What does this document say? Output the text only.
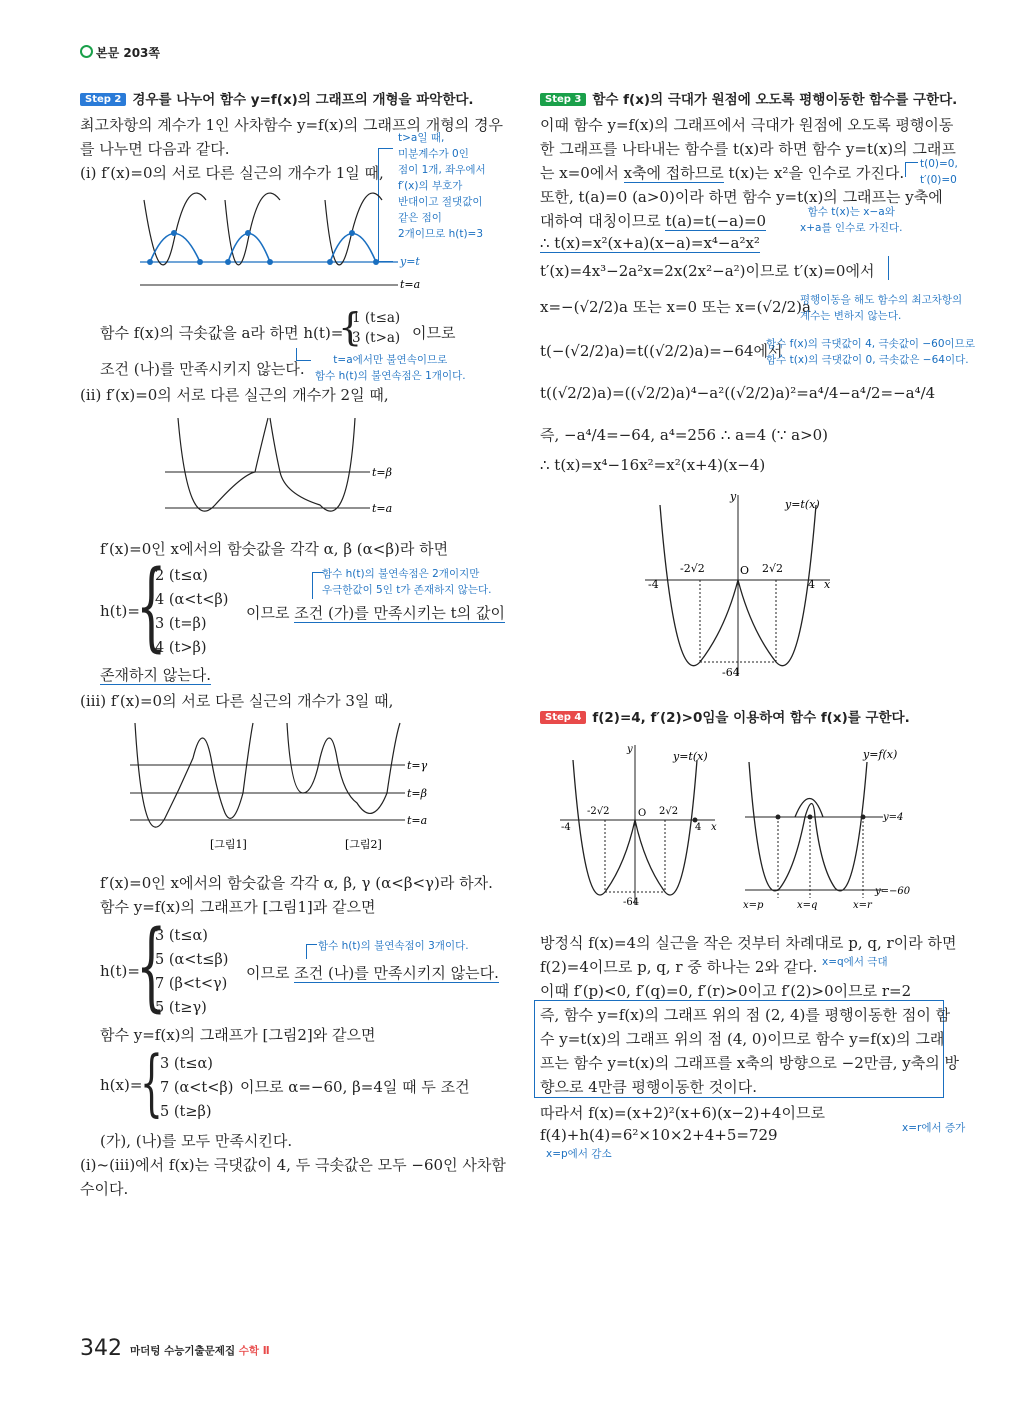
본문 203쪽
Step 2 경우를 나누어 함수 y=f(x)의 그래프의 개형을 파악한다.
최고차항의 계수가 1인 사차함수 y=f(x)의 그래프의 개형의 경우
를 나누면 다음과 같다.
(ⅰ) f′(x)=0의 서로 다른 실근의 개수가 1일 때,
t>a일 때,
미분계수가 0인
점이 1개, 좌우에서
f′(x)의 부호가
반대이고 절댓값이
같은 점이
2개이므로 h(t)=3
y=t
t=a
함수 f(x)의 극솟값을 a라 하면 h(t)=
{
1 (t≤a)
3 (t>a) 이므로
조건 (나)를 만족시키지 않는다.	t=a에서만 불연속이므로
함수 h(t)의 불연속점은 1개이다.
(ⅱ) f′(x)=0의 서로 다른 실근의 개수가 2일 때,
t=β
t=a
f′(x)=0인 x에서의 함숫값을 각각 α, β (α<β)라 하면
h(t)=
{
2 (t≤α)
4 (α<t<β)
3 (t=β)
4 (t>β)
이므로 조건 (가)를 만족시키는 t의 값이
존재하지 않는다.
함수 h(t)의 불연속점은 2개이지만
우극한값이 5인 t가 존재하지 않는다.
(ⅲ) f′(x)=0의 서로 다른 실근의 개수가 3일 때,
t=γ
t=β
t=a
[그림1]	[그림2]
f′(x)=0인 x에서의 함숫값을 각각 α, β, γ (α<β<γ)라 하자.
함수 y=f(x)의 그래프가 [그림1]과 같으면
h(t)=
{
3 (t≤α)
5 (α<t≤β)
7 (β<t<γ)
5 (t≥γ)
이므로 조건 (나)를 만족시키지 않는다.
함수 h(t)의 불연속점이 3개이다.
함수 y=f(x)의 그래프가 [그림2]와 같으면
h(x)=
{
3 (t≤α)
7 (α<t<β)
5 (t≥β)
이므로 α=−60, β=4일 때 두 조건
(가), (나)를 모두 만족시킨다.
(ⅰ)~(ⅲ)에서 f(x)는 극댓값이 4, 두 극솟값은 모두 −60인 사차함
수이다.
Step 3 함수 f(x)의 극대가 원점에 오도록 평행이동한 함수를 구한다.
이때 함수 y=f(x)의 그래프에서 극대가 원점에 오도록 평행이동
한 그래프를 나타내는 함수를 t(x)라 하면 함수 y=t(x)의 그래프
는 x=0에서 x축에 접하므로 t(x)는 x²을 인수로 가진다. t(0)=0,
t′(0)=0
또한, t(a)=0 (a>0)이라 하면 함수 y=t(x)의 그래프는 y축에
대하여 대칭이므로 t(a)=t(−a)=0	함수 t(x)는 x−a와
x+a를 인수로 가진다.
∴ t(x)=x²(x+a)(x−a)=x⁴−a²x²
t′(x)=4x³−2a²x=2x(2x²−a²)이므로 t′(x)=0에서
x=−(√2/2)a 또는 x=0 또는 x=(√2/2)a
평행이동을 해도 함수의 최고차항의
계수는 변하지 않는다.
t(−(√2/2)a)=t((√2/2)a)=−64에서
함수 f(x)의 극댓값이 4, 극솟값이 −60이므로
함수 t(x)의 극댓값이 0, 극솟값은 −64이다.
t((√2/2)a)=((√2/2)a)⁴−a²((√2/2)a)²=a⁴/4−a⁴/2=−a⁴/4
즉, −a⁴/4=−64, a⁴=256 ∴ a=4 (∵ a>0)
∴ t(x)=x⁴−16x²=x²(x+4)(x−4)
y=t(x)
-2√2	O 2√2
-4	4 x
y
-64
Step 4 f(2)=4, f′(2)>0임을 이용하여 함수 f(x)를 구한다.
y=t(x)
-2√2	O 2√2
-4	4 x
y
-64
y=f(x)
y=4
y=−60
x=p	x=q	x=r
방정식 f(x)=4의 실근을 작은 것부터 차례대로 p, q, r이라 하면
f(2)=4이므로 p, q, r 중 하나는 2와 같다. x=q에서 극대
이때 f′(p)<0, f′(q)=0, f′(r)>0이고 f′(2)>0이므로 r=2
즉, 함수 y=f(x)의 그래프 위의 점 (2, 4)를 평행이동한 점이 함
수 y=t(x)의 그래프 위의 점 (4, 0)이므로 함수 y=f(x)의 그래
프는 함수 y=t(x)의 그래프를 x축의 방향으로 −2만큼, y축의 방
향으로 4만큼 평행이동한 것이다.
따라서 f(x)=(x+2)²(x+6)(x−2)+4이므로
f(4)+h(4)=6²×10×2+4+5=729	x=r에서 증가
x=p에서 감소
342 마더텅 수능기출문제집 수학 Ⅱ
